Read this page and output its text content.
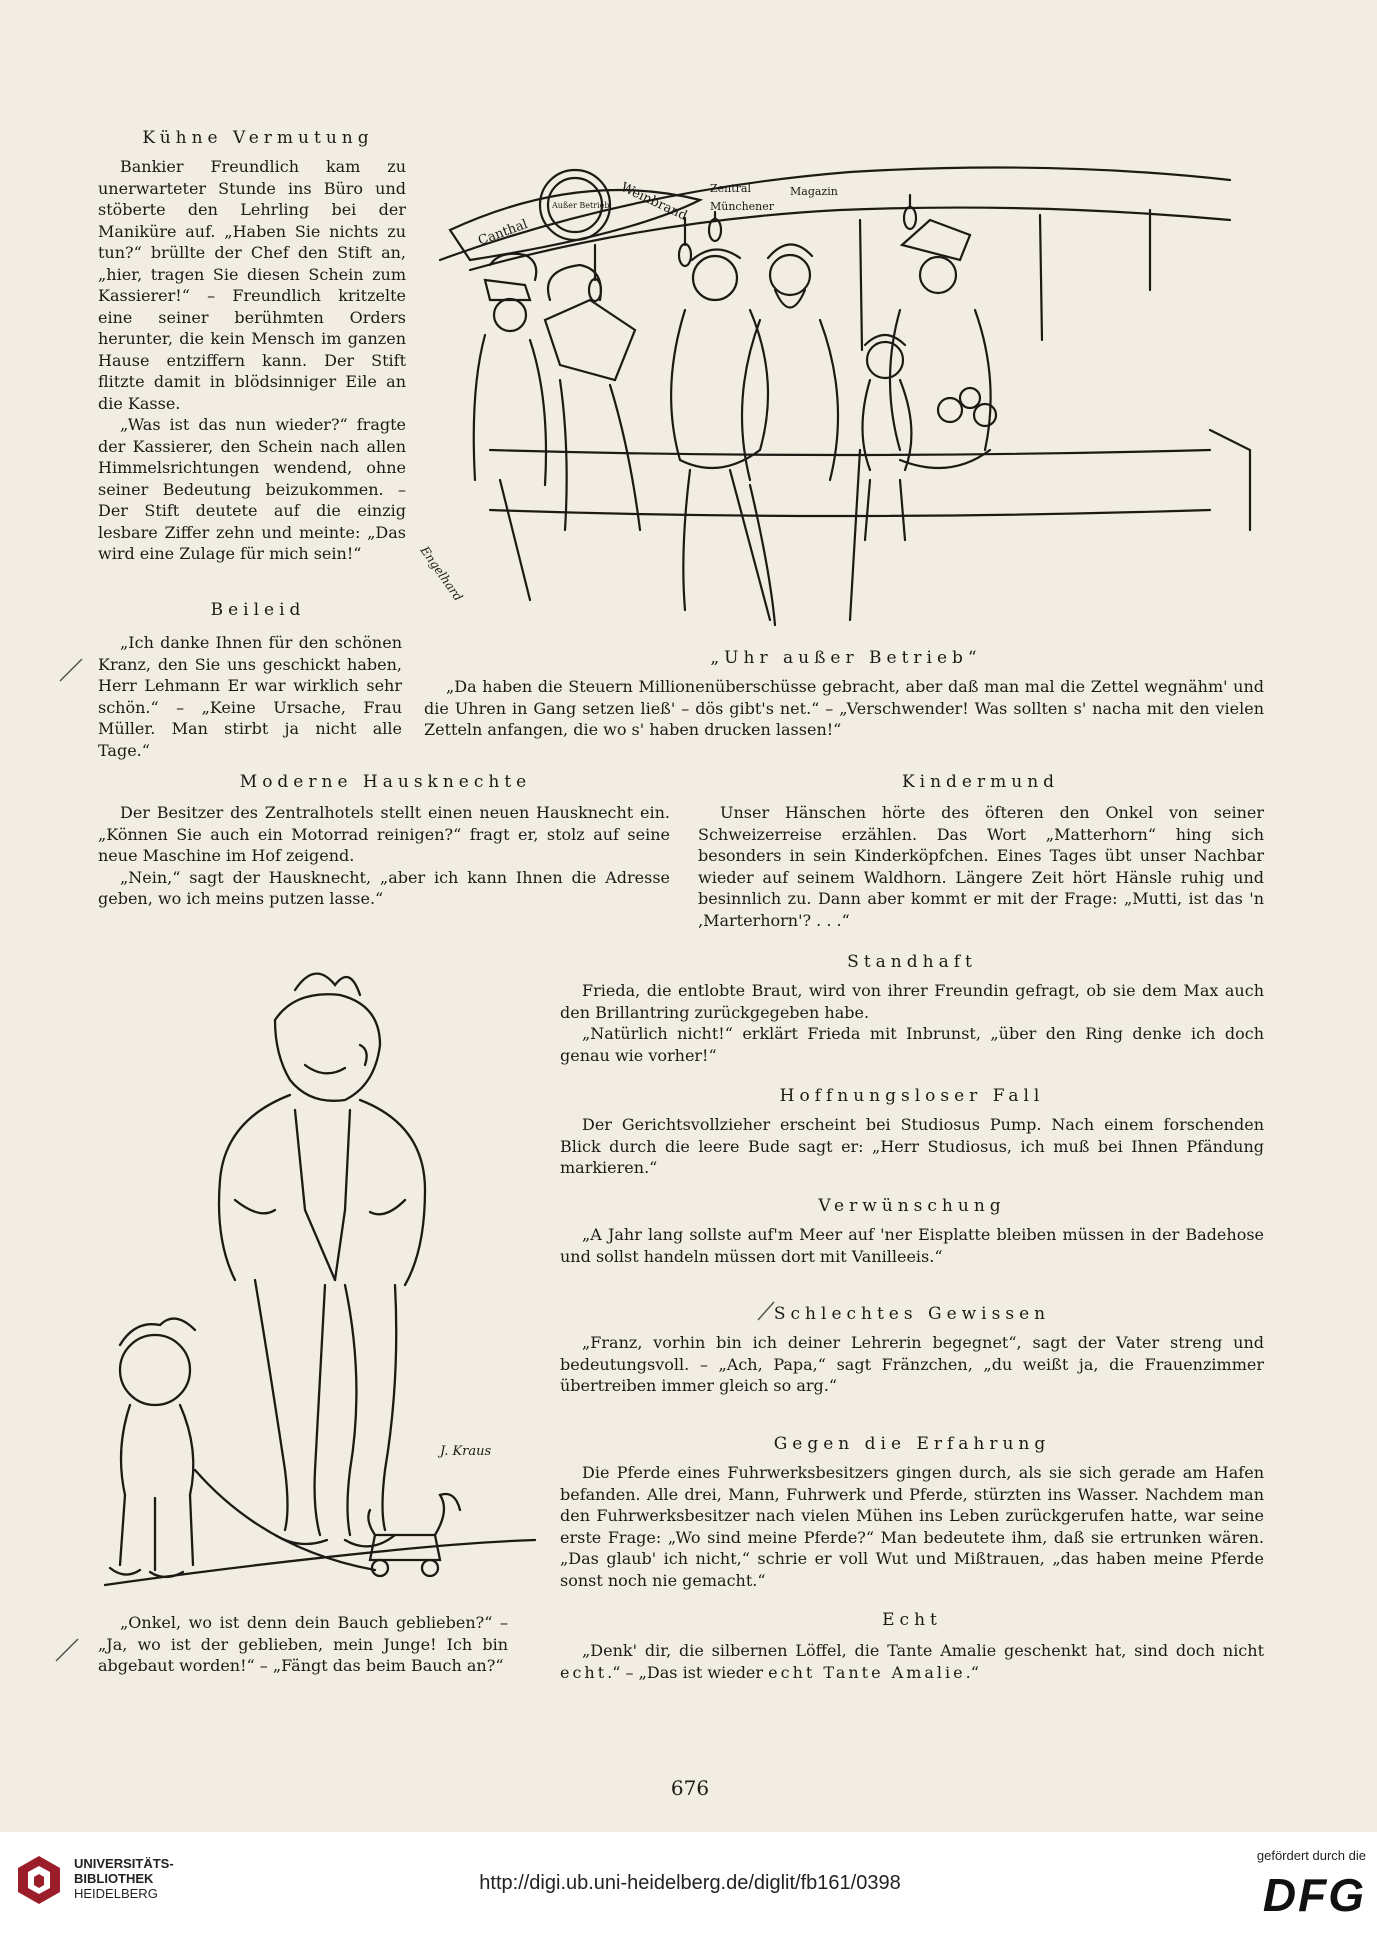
Kühne Vermutung

Bankier Freundlich kam zu unerwarteter Stunde ins Büro und stöberte den Lehrling bei der Maniküre auf. „Haben Sie nichts zu tun?“ brüllte der Chef den Stift an, „hier, tragen Sie diesen Schein zum Kassierer!“ – Freundlich kritzelte eine seiner berühmten Orders herunter, die kein Mensch im ganzen Hause entziffern kann. Der Stift flitzte damit in blödsinniger Eile an die Kasse.

„Was ist das nun wieder?“ fragte der Kassierer, den Schein nach allen Himmelsrichtungen wendend, ohne seiner Bedeutung beizukommen. – Der Stift deutete auf die einzig lesbare Ziffer zehn und meinte: „Das wird eine Zulage für mich sein!“

Beileid

„Ich danke Ihnen für den schönen Kranz, den Sie uns geschickt haben, Herr Lehmann Er war wirklich sehr schön.“ – „Keine Ursache, Frau Müller. Man stirbt ja nicht alle Tage.“

Canthal
Weinbrand
Außer Betrieb
Zentral
Münchener
Magazin
Engelhard
„Uhr außer Betrieb“

„Da haben die Steuern Millionenüberschüsse gebracht, aber daß man mal die Zettel wegnähm' und die Uhren in Gang setzen ließ' – dös gibt's net.“ – „Verschwender! Was sollten s' nacha mit den vielen Zetteln anfangen, die wo s' haben drucken lassen!“

Moderne Hausknechte

Der Besitzer des Zentralhotels stellt einen neuen Hausknecht ein. „Können Sie auch ein Motorrad reinigen?“ fragt er, stolz auf seine neue Maschine im Hof zeigend.

„Nein,“ sagt der Hausknecht, „aber ich kann Ihnen die Adresse geben, wo ich meins putzen lasse.“

Kindermund

Unser Hänschen hörte des öfteren den Onkel von seiner Schweizerreise erzählen. Das Wort „Matterhorn“ hing sich besonders in sein Kinderköpfchen. Eines Tages übt unser Nachbar wieder auf seinem Waldhorn. Längere Zeit hört Hänsle ruhig und besinnlich zu. Dann aber kommt er mit der Frage: „Mutti, ist das 'n ‚Marterhorn'? . . .“

J. Kraus

„Onkel, wo ist denn dein Bauch geblieben?“ – „Ja, wo ist der geblieben, mein Junge! Ich bin abgebaut worden!“ – „Fängt das beim Bauch an?“

Standhaft

Frieda, die entlobte Braut, wird von ihrer Freundin gefragt, ob sie dem Max auch den Brillantring zurückgegeben habe.

„Natürlich nicht!“ erklärt Frieda mit Inbrunst, „über den Ring denke ich doch genau wie vorher!“

Hoffnungsloser Fall

Der Gerichtsvollzieher erscheint bei Studiosus Pump. Nach einem forschenden Blick durch die leere Bude sagt er: „Herr Studiosus, ich muß bei Ihnen Pfändung markieren.“

Verwünschung

„A Jahr lang sollste auf'm Meer auf 'ner Eisplatte bleiben müssen in der Badehose und sollst handeln müssen dort mit Vanilleeis.“

Schlechtes Gewissen

„Franz, vorhin bin ich deiner Lehrerin begegnet“, sagt der Vater streng und bedeutungsvoll. – „Ach, Papa,“ sagt Fränzchen, „du weißt ja, die Frauenzimmer übertreiben immer gleich so arg.“

Gegen die Erfahrung

Die Pferde eines Fuhrwerksbesitzers gingen durch, als sie sich gerade am Hafen befanden. Alle drei, Mann, Fuhrwerk und Pferde, stürzten ins Wasser. Nachdem man den Fuhrwerksbesitzer nach vielen Mühen ins Leben zurückgerufen hatte, war seine erste Frage: „Wo sind meine Pferde?“ Man bedeutete ihm, daß sie ertrunken wären. „Das glaub' ich nicht,“ schrie er voll Wut und Mißtrauen, „das haben meine Pferde sonst noch nie gemacht.“

Echt

„Denk' dir, die silbernen Löffel, die Tante Amalie geschenkt hat, sind doch nicht echt.“ – „Das ist wieder echt Tante Amalie.“

676
UNIVERSITÄTS-
BIBLIOTHEK
HEIDELBERG	http://digi.ub.uni-heidelberg.de/diglit/fb161/0398
gefördert durch die
DFG
